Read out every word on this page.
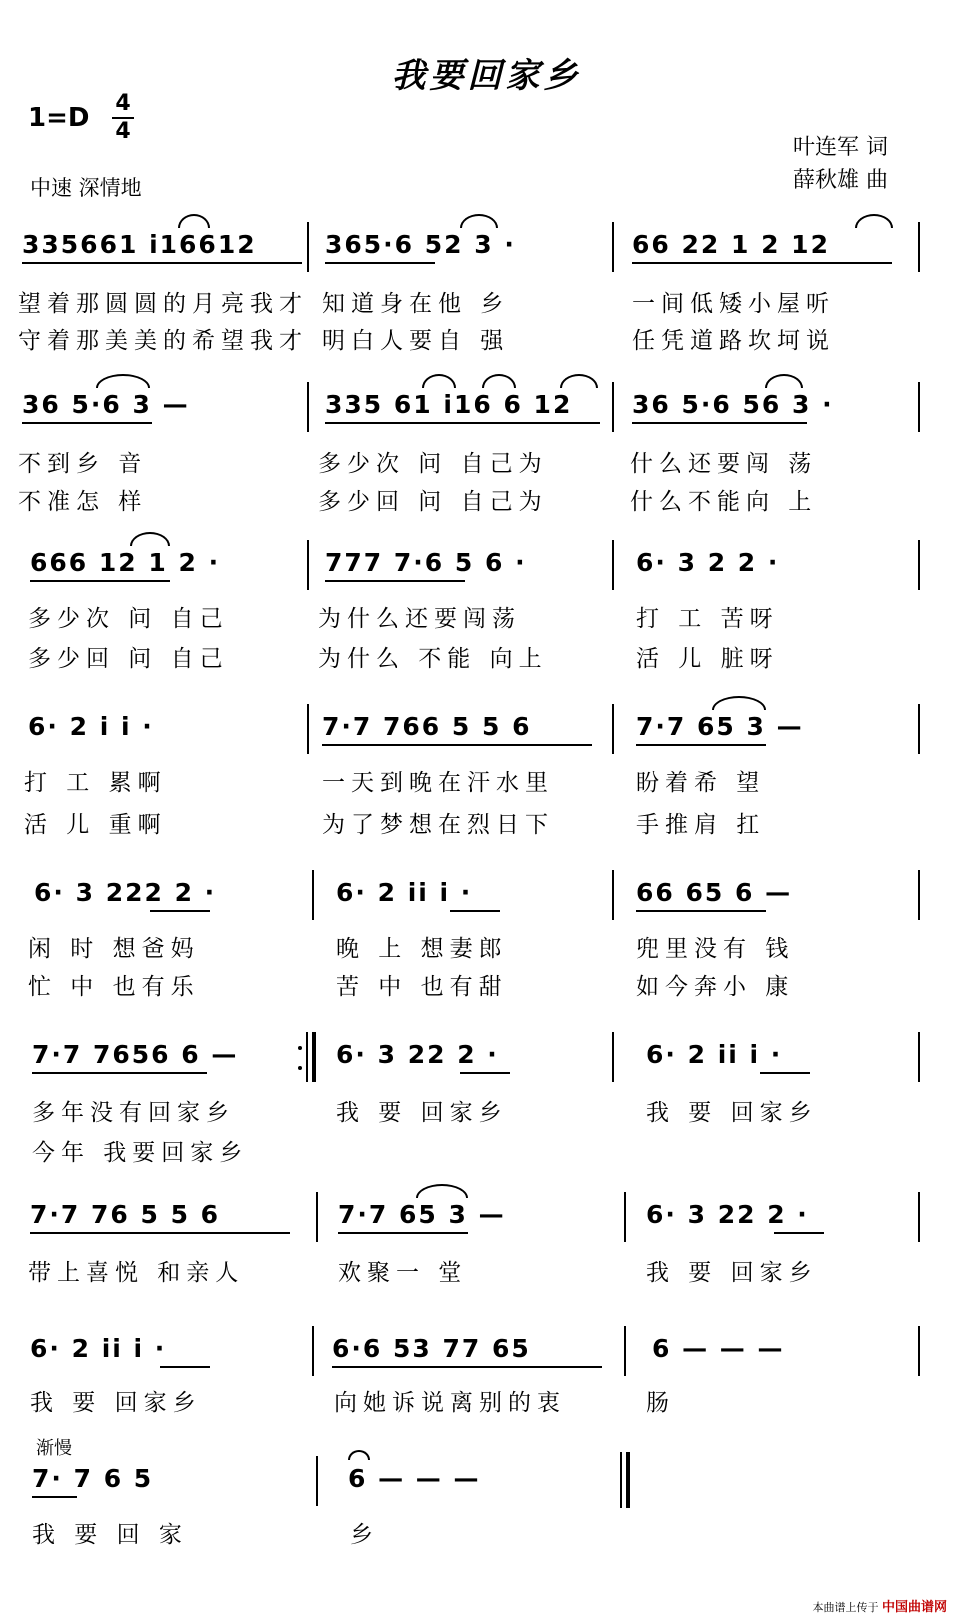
我要回家乡
1=D 4
4
叶连军 词
薛秋雄 曲
中速 深情地
335661 i16612	365·6 52 3 ·	66 22 1 2 12
望着那圆圆的月亮我才 知道身在他 乡	一间低矮小屋听
守着那美美的希望我才 明白人要自 强	任凭道路坎坷说
36 5·6 3 —	335 61 i16 6 12 36 5·6 56 3 ·
不到乡 音	多少次 问 自己为	什么还要闯 荡
不准怎 样	多少回 问 自己为	什么不能向 上
666 12 1 2 ·	777 7·6 5 6 ·	6· 3 2 2 ·
多少次 问 自己	为什么还要闯荡	打 工 苦呀
多少回 问 自己	为什么 不能 向上	活 儿 脏呀
6· 2 i i ·	7·7 766 5 5 6	7·7 65 3 —
打 工 累啊	一天到晚在汗水里	盼着希 望
活 儿 重啊	为了梦想在烈日下	手推肩 扛
6· 3 222 2 ·	6· 2 ii i ·	66 65 6 —
闲 时 想爸妈	晚 上 想妻郎	兜里没有 钱
忙 中 也有乐	苦 中 也有甜	如今奔小 康
7·7 7656 6 —	6· 3 22 2 ·	6· 2 ii i ·
多年没有回家乡	我 要 回家乡	我 要 回家乡
今年 我要回家乡
7·7 76 5 5 6	7·7 65 3 —	6· 3 22 2 ·
带上喜悦 和亲人	欢聚一 堂	我 要 回家乡
6· 2 ii i ·	6·6 53 77 65	6 — — —
我 要 回家乡	向她诉说离别的衷	肠
渐慢
7· 7 6 5	6 — — —
我 要 回 家	乡
本曲谱上传于 中国曲谱网
